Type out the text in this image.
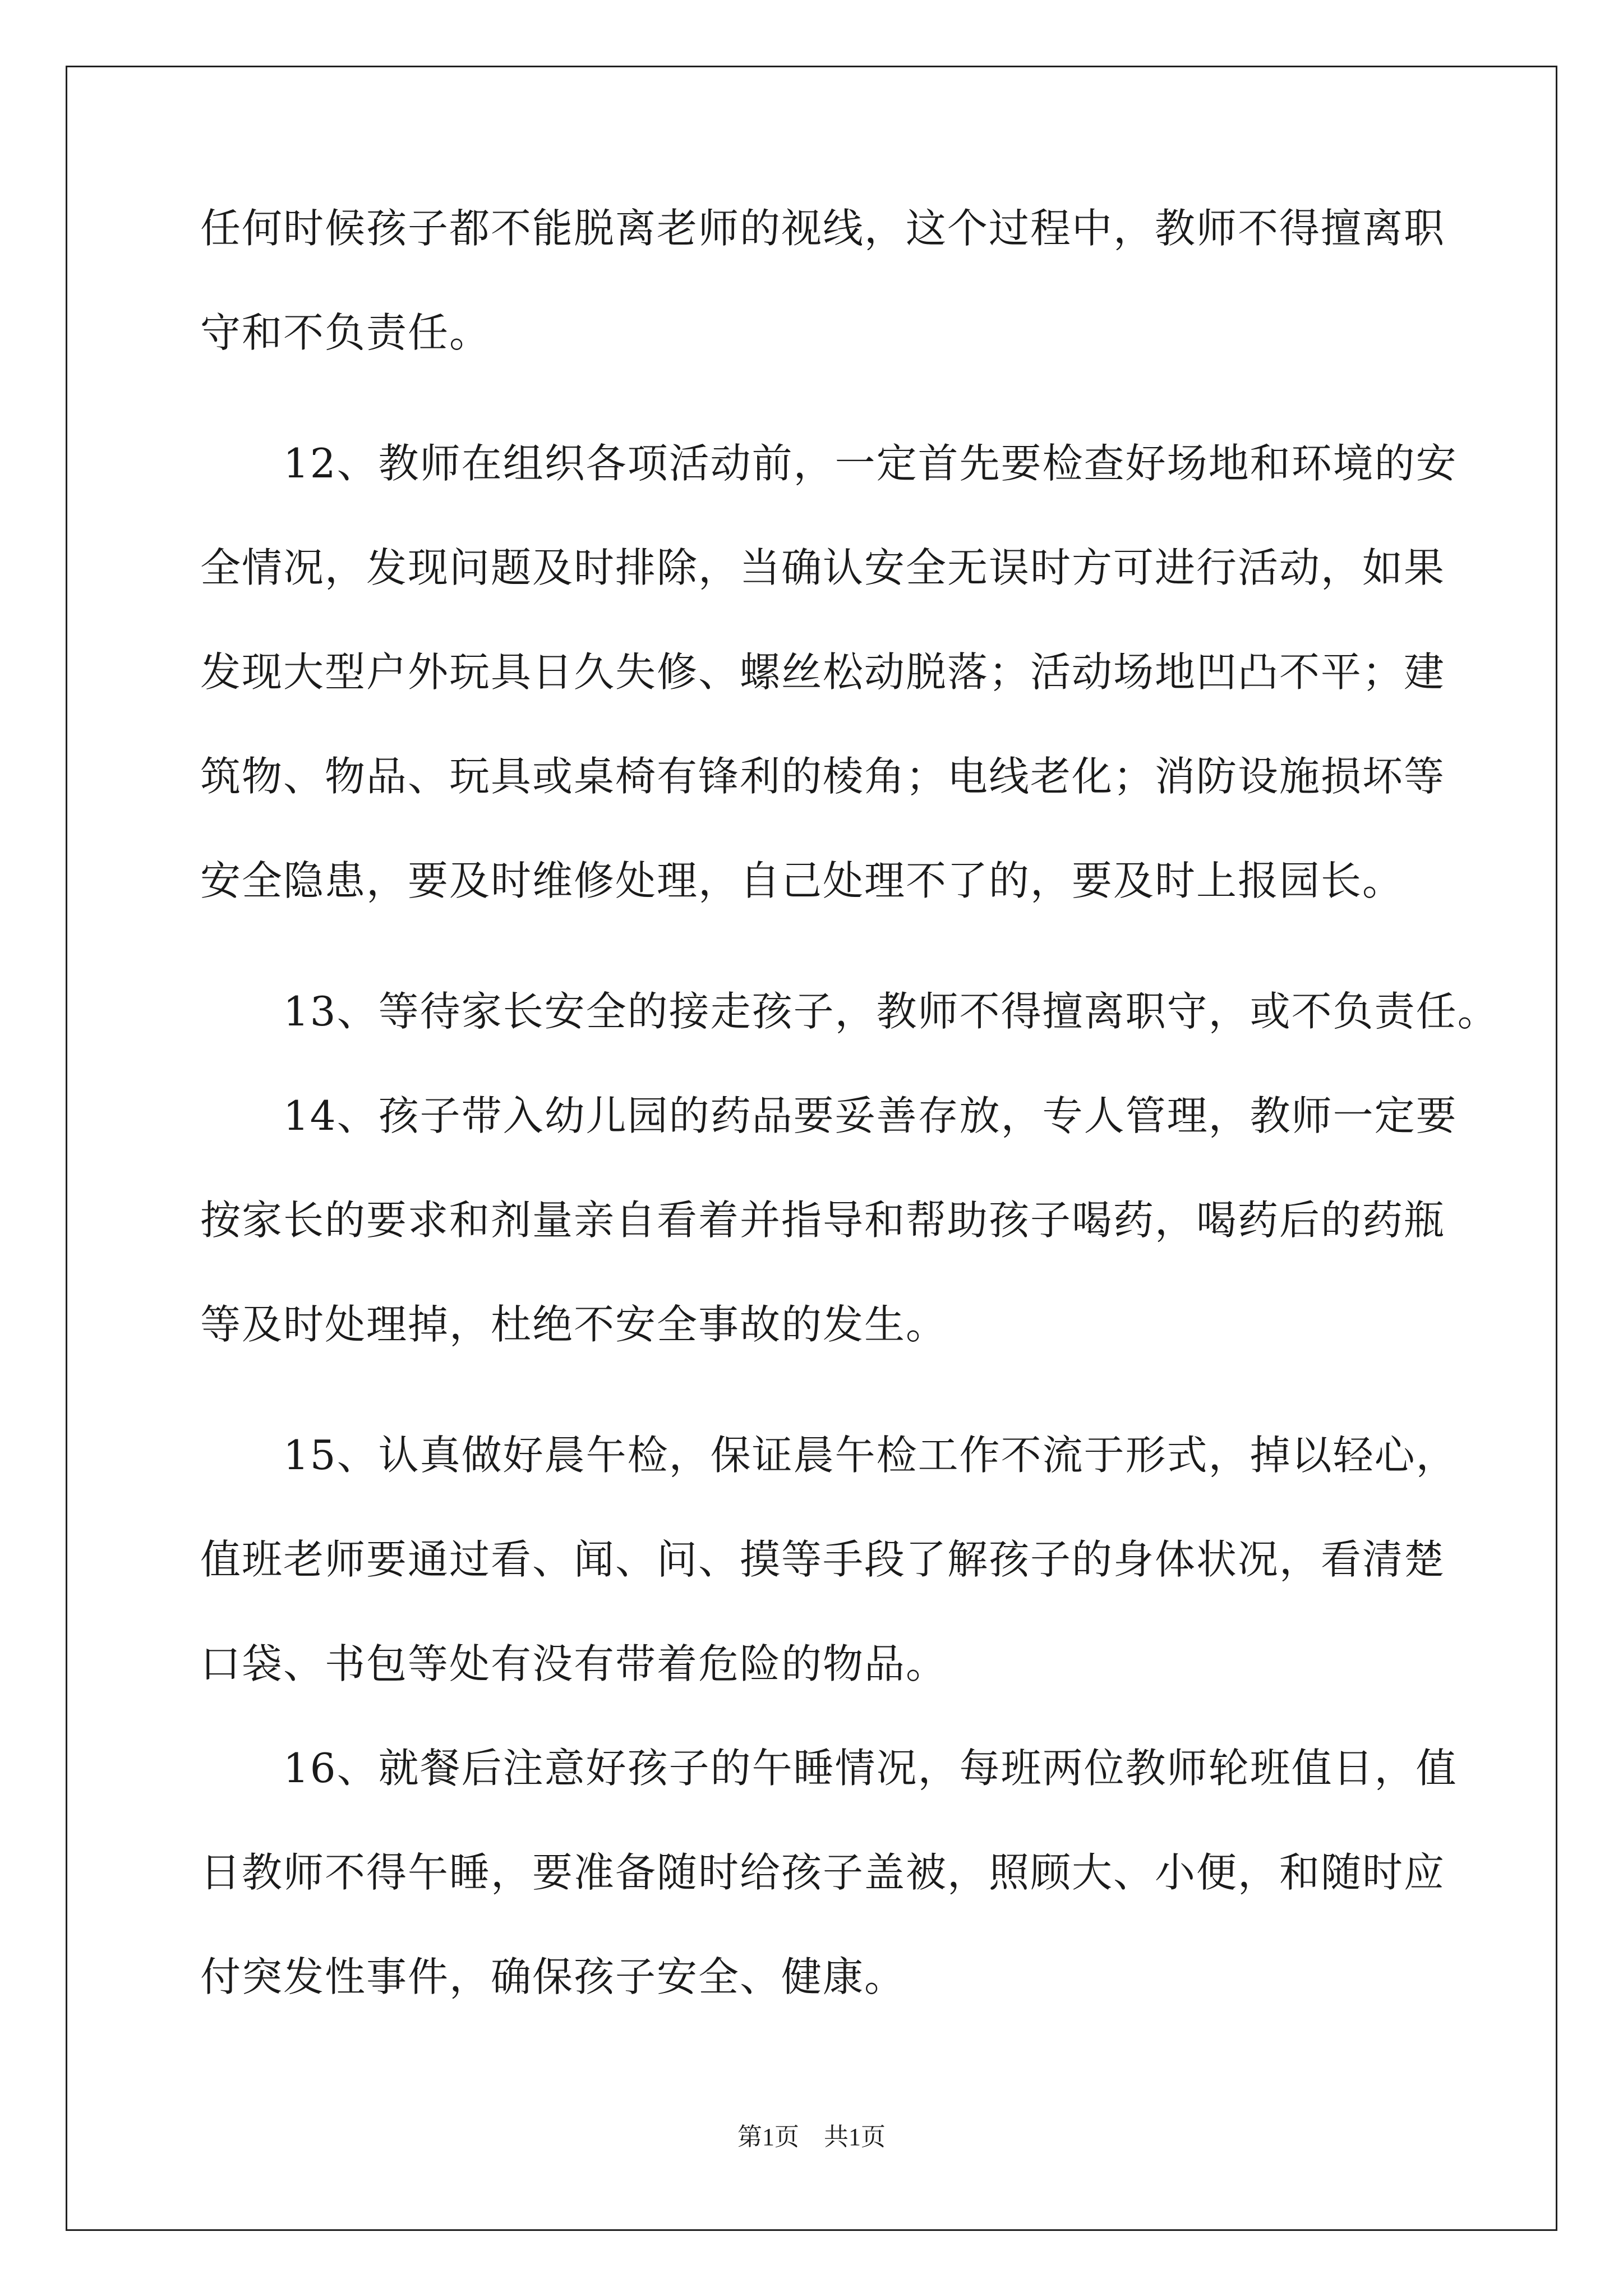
任何时候孩子都不能脱离老师的视线，这个过程中，教师不得擅离职

守和不负责任。

　　12、教师在组织各项活动前，一定首先要检查好场地和环境的安

全情况，发现问题及时排除，当确认安全无误时方可进行活动，如果

发现大型户外玩具日久失修、螺丝松动脱落；活动场地凹凸不平；建

筑物、物品、玩具或桌椅有锋利的棱角；电线老化；消防设施损坏等

安全隐患，要及时维修处理，自己处理不了的，要及时上报园长。

　　13、等待家长安全的接走孩子，教师不得擅离职守，或不负责任。

　　14、孩子带入幼儿园的药品要妥善存放，专人管理，教师一定要

按家长的要求和剂量亲自看着并指导和帮助孩子喝药，喝药后的药瓶

等及时处理掉，杜绝不安全事故的发生。

　　15、认真做好晨午检，保证晨午检工作不流于形式，掉以轻心，

值班老师要通过看、闻、问、摸等手段了解孩子的身体状况，看清楚

口袋、书包等处有没有带着危险的物品。

　　16、就餐后注意好孩子的午睡情况，每班两位教师轮班值日，值

日教师不得午睡，要准备随时给孩子盖被，照顾大、小便，和随时应

付突发性事件，确保孩子安全、健康。

第1页　共1页
